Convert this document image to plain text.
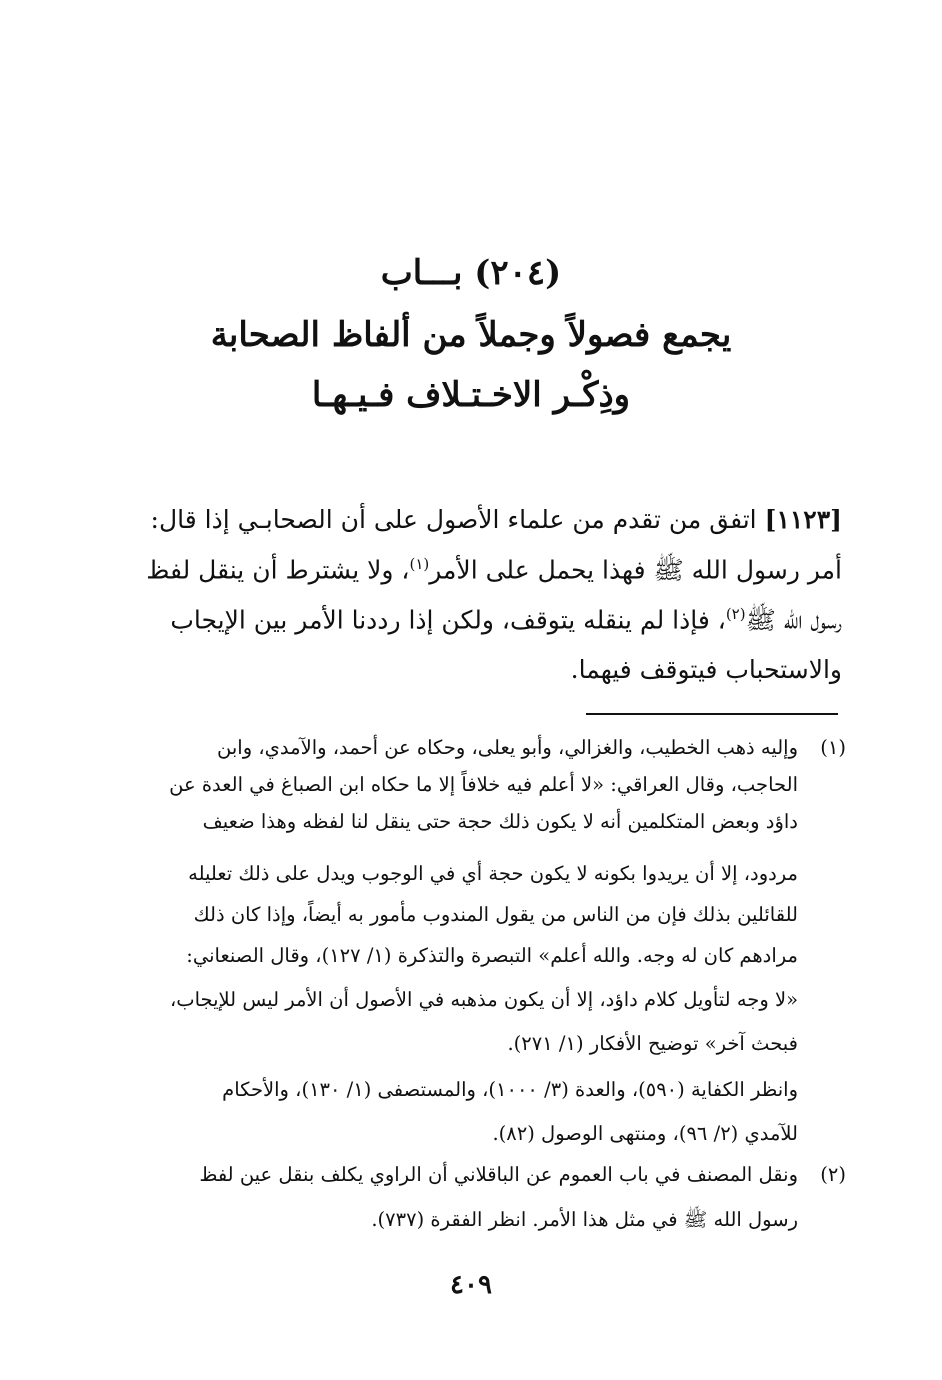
(٢٠٤) بـــاب
يجمع فصولاً وجملاً من ألفاظ الصحابة
وذِكْـر الاخـتـلاف فـيـهـا
[١١٢٣] اتفق من تقدم من علماء الأصول على أن الصحابـي إذا قال:
أمر رسول الله ﷺ فهذا يحمل على الأمر$^{(١)}$، ولا يشترط أن ينقل لفظ
رسول الله ﷺ$^{(٢)}$، فإذا لم ينقله يتوقف، ولكن إذا رددنا الأمر بين الإيجاب
والاستحباب فيتوقف فيهما.
(١)
وإليه ذهب الخطيب، والغزالي، وأبو يعلى، وحكاه عن أحمد، والآمدي، وابن
الحاجب، وقال العراقي: «لا أعلم فيه خلافاً إلا ما حكاه ابن الصباغ في العدة عن
داؤد وبعض المتكلمين أنه لا يكون ذلك حجة حتى ينقل لنا لفظه وهذا ضعيف
مردود، إلا أن يريدوا بكونه لا يكون حجة أي في الوجوب ويدل على ذلك تعليله
للقائلين بذلك فإن من الناس من يقول المندوب مأمور به أيضاً، وإذا كان ذلك
مرادهم كان له وجه. والله أعلم» التبصرة والتذكرة (١/ ١٢٧)، وقال الصنعاني:
«لا وجه لتأويل كلام داؤد، إلا أن يكون مذهبه في الأصول أن الأمر ليس للإيجاب،
فبحث آخر» توضيح الأفكار (١/ ٢٧١).
وانظر الكفاية (٥٩٠)، والعدة (٣/ ١٠٠٠)، والمستصفى (١/ ١٣٠)، والأحكام
للآمدي (٢/ ٩٦)، ومنتهى الوصول (٨٢).
(٢)
ونقل المصنف في باب العموم عن الباقلاني أن الراوي يكلف بنقل عين لفظ
رسول الله ﷺ في مثل هذا الأمر. انظر الفقرة (٧٣٧).
٤٠٩
